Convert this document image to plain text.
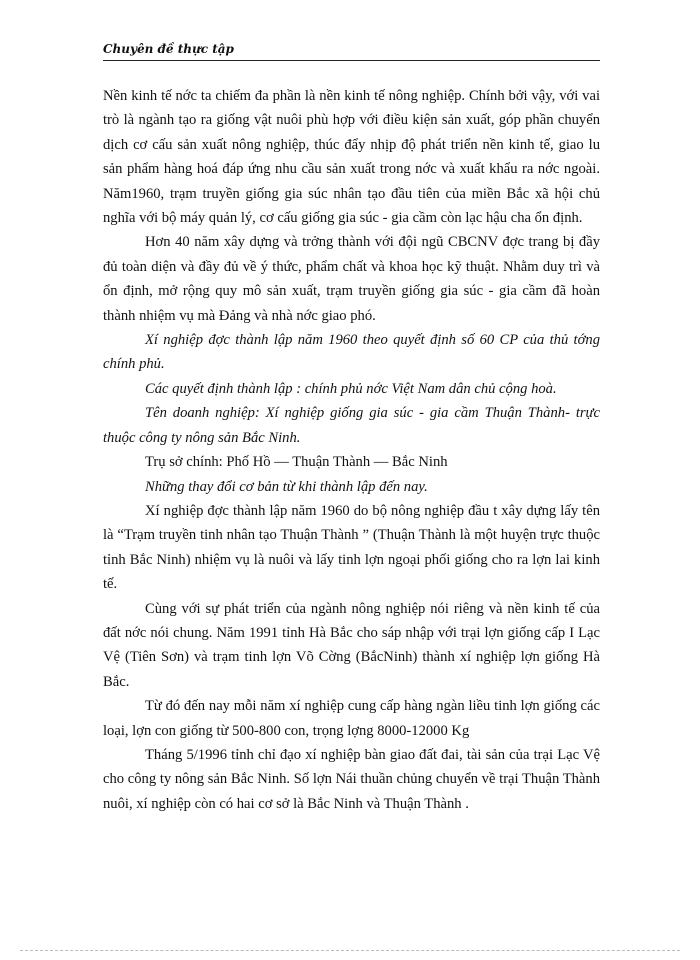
Chuyên đề thực tập

Nền kinh tế nớc ta chiếm đa phần là nền kinh tế nông nghiệp. Chính bởi vậy, với vai trò là ngành tạo ra giống vật nuôi phù hợp với điều kiện sản xuất, góp phần chuyển dịch cơ cấu sản xuất nông nghiệp, thúc đẩy nhịp độ phát triển nền kinh tế, giao lu sản phẩm hàng hoá đáp ứng nhu cầu sản xuất trong nớc và xuất khẩu ra nớc ngoài. Năm1960, trạm truyền giống gia súc nhân tạo đầu tiên của miền Bắc xã hội chủ nghĩa với bộ máy quản lý, cơ cấu giống gia súc - gia cầm còn lạc hậu cha ổn định.

Hơn 40 năm xây dựng và trởng thành với đội ngũ CBCNV đợc trang bị đầy đủ toàn diện và đầy đủ về ý thức, phẩm chất và khoa học kỹ thuật. Nhằm duy trì và ổn định, mở rộng quy mô sản xuất, trạm truyền giống gia súc - gia cầm đã hoàn thành nhiệm vụ mà Đảng và nhà nớc giao phó.

Xí nghiệp đợc thành lập năm 1960 theo quyết định số 60 CP của thủ tớng chính phủ.

Các quyết định thành lập : chính phủ nớc Việt Nam dân chủ cộng hoà.

Tên doanh nghiệp: Xí nghiệp giống gia súc - gia cầm Thuận Thành- trực thuộc công ty nông sản Bắc Ninh.

Trụ sở chính: Phố Hồ — Thuận Thành — Bắc Ninh

Những thay đổi cơ bản từ khi thành lập đến nay.

Xí nghiệp đợc thành lập năm 1960 do bộ nông nghiệp đầu t xây dựng lấy tên là “Trạm truyền tinh nhân tạo Thuận Thành ” (Thuận Thành là một huyện trực thuộc tỉnh Bắc Ninh) nhiệm vụ là nuôi và lấy tinh lợn ngoại phối giống cho ra lợn lai kinh tế.

Cùng với sự phát triển của ngành nông nghiệp nói riêng và nền kinh tế của đất nớc nói chung. Năm 1991 tỉnh Hà Bắc cho sáp nhập với trại lợn giống cấp I Lạc Vệ (Tiên Sơn) và trạm tinh lợn Võ Cờng (BắcNinh) thành xí nghiệp lợn giống Hà Bắc.

Từ đó đến nay mỗi năm xí nghiệp cung cấp hàng ngàn liều tinh lợn giống các loại, lợn con giống từ 500-800 con, trọng lợng 8000-12000 Kg

Tháng 5/1996 tỉnh chỉ đạo xí nghiệp bàn giao đất đai, tài sản của trại Lạc Vệ cho công ty nông sản Bắc Ninh. Số lợn Nái thuần chủng chuyển về trại Thuận Thành nuôi, xí nghiệp còn có hai cơ sở là Bắc Ninh và Thuận Thành .
